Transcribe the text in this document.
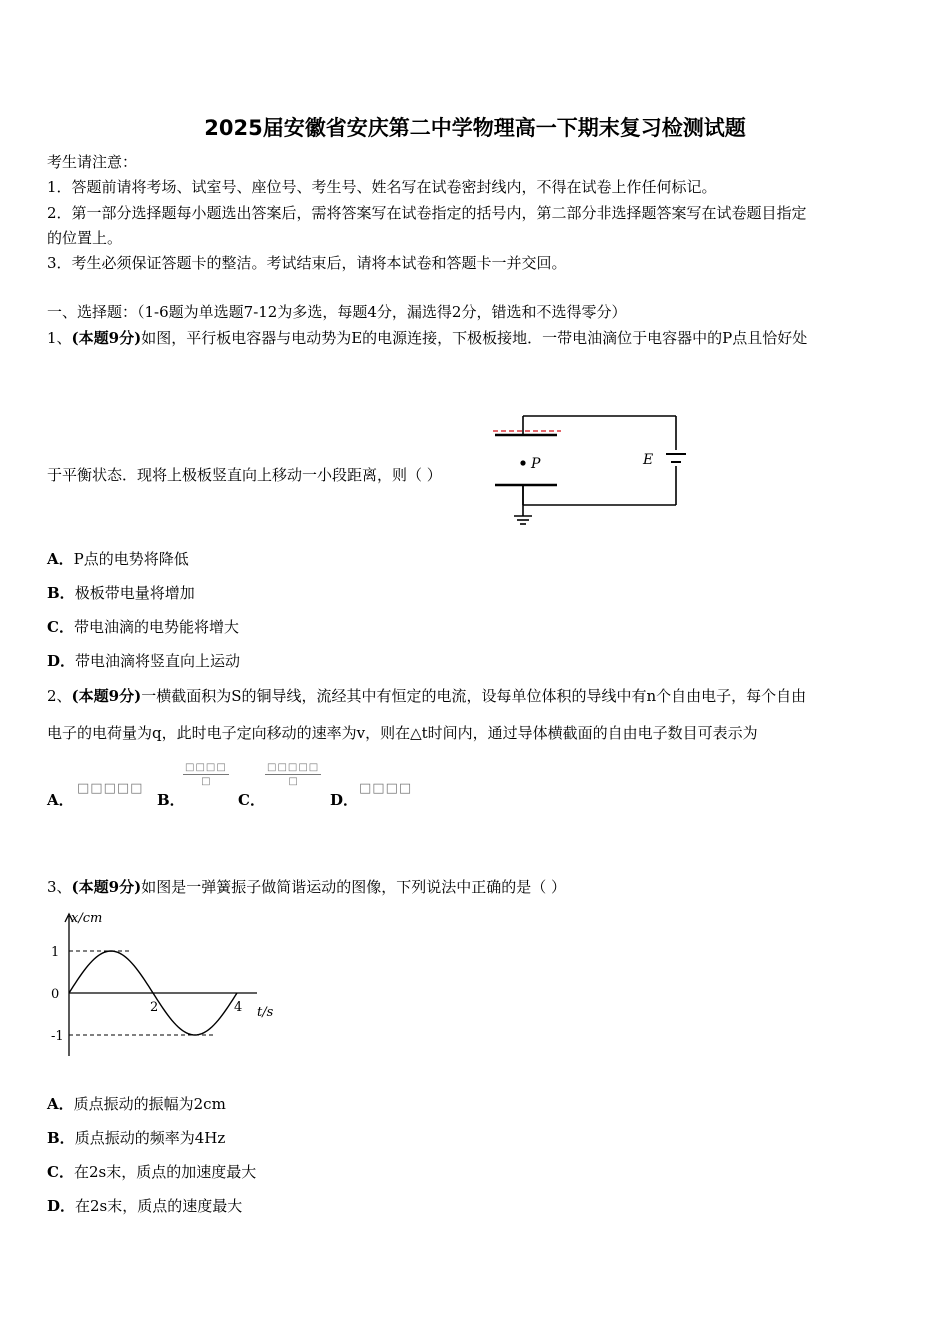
2025届安徽省安庆第二中学物理高一下期末复习检测试题
考生请注意：
1．答题前请将考场、试室号、座位号、考生号、姓名写在试卷密封线内，不得在试卷上作任何标记。
2．第一部分选择题每小题选出答案后，需将答案写在试卷指定的括号内，第二部分非选择题答案写在试卷题目指定
的位置上。
3．考生必须保证答题卡的整洁。考试结束后，请将本试卷和答题卡一并交回。
一、选择题：（1-6题为单选题7-12为多选，每题4分，漏选得2分，错选和不选得零分）
1、(本题9分)如图，平行板电容器与电动势为E的电源连接，下极板接地．一带电油滴位于电容器中的P点且恰好处
于平衡状态．现将上极板竖直向上移动一小段距离，则（ ）
P	E
A．P点的电势将降低
B．极板带电量将增加
C．带电油滴的电势能将增大
D．带电油滴将竖直向上运动
2、(本题9分)一横截面积为S的铜导线，流经其中有恒定的电流，设每单位体积的导线中有n个自由电子，每个自由
电子的电荷量为q，此时电子定向移动的速率为v，则在△t时间内，通过导体横截面的自由电子数目可表示为
A．
□□□□□
B．
□□□□
□
C．
□□□□□
□
D．
□□□□
3、(本题9分)如图是一弹簧振子做简谐运动的图像，下列说法中正确的是（ ）
1
0
-1
2	4
x/cm
t/s
A．质点振动的振幅为2cm
B．质点振动的频率为4Hz
C．在2s末，质点的加速度最大
D．在2s末，质点的速度最大
